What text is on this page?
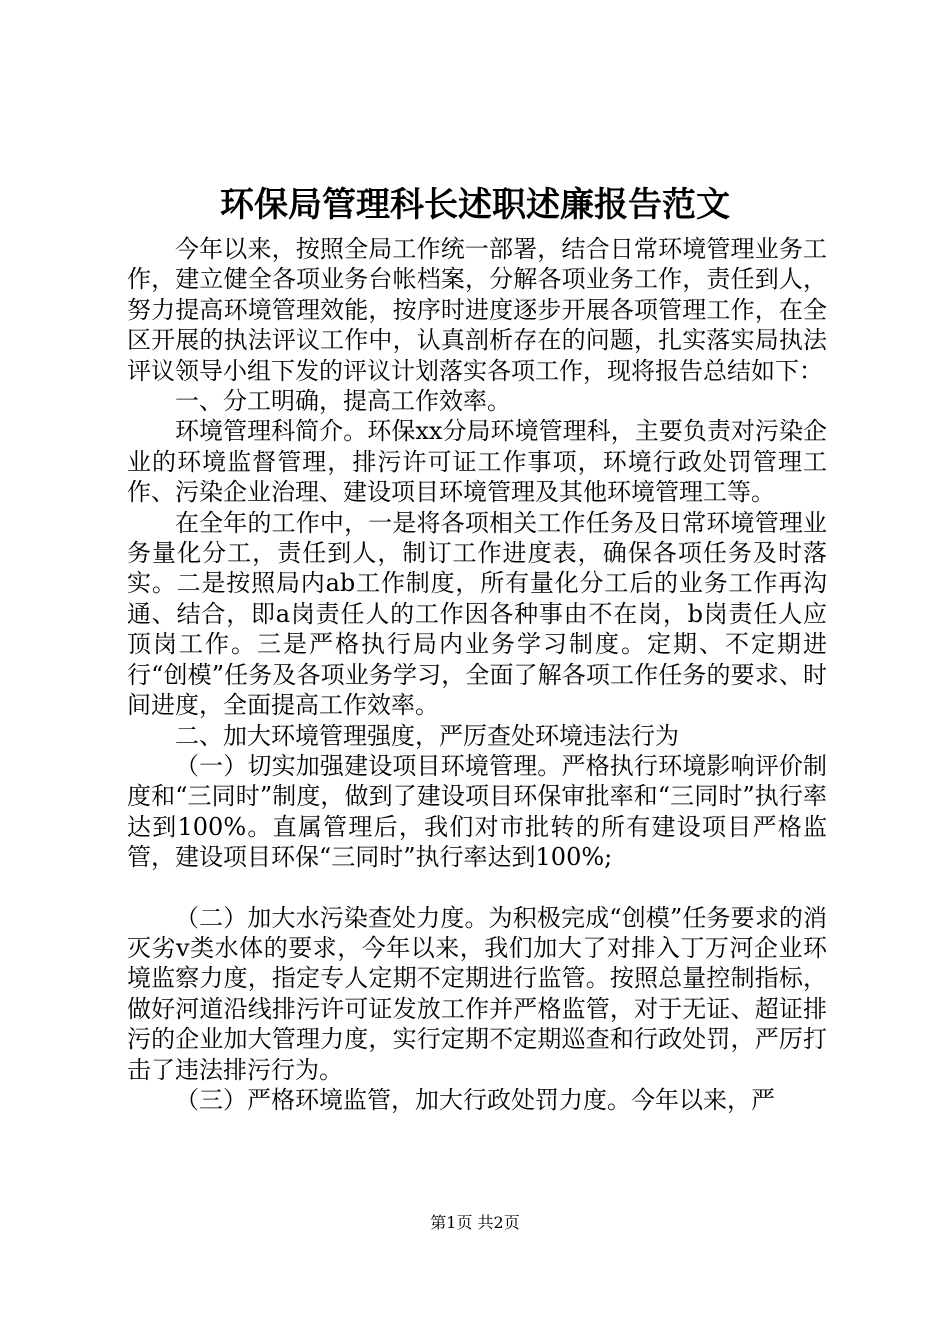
环保局管理科长述职述廉报告范文

今年以来，按照全局工作统一部署，结合日常环境管理业务工作，建立健全各项业务台帐档案，分解各项业务工作，责任到人，努力提高环境管理效能，按序时进度逐步开展各项管理工作，在全区开展的执法评议工作中，认真剖析存在的问题，扎实落实局执法评议领导小组下发的评议计划落实各项工作，现将报告总结如下：

一、分工明确，提高工作效率。

环境管理科简介。环保xx分局环境管理科，主要负责对污染企业的环境监督管理，排污许可证工作事项，环境行政处罚管理工作、污染企业治理、建设项目环境管理及其他环境管理工等。

在全年的工作中，一是将各项相关工作任务及日常环境管理业务量化分工，责任到人，制订工作进度表，确保各项任务及时落实。二是按照局内ab工作制度，所有量化分工后的业务工作再沟通、结合，即a岗责任人的工作因各种事由不在岗，b岗责任人应顶岗工作。三是严格执行局内业务学习制度。定期、不定期进行“创模”任务及各项业务学习，全面了解各项工作任务的要求、时间进度，全面提高工作效率。

二、加大环境管理强度，严厉查处环境违法行为

（一）切实加强建设项目环境管理。严格执行环境影响评价制度和“三同时”制度，做到了建设项目环保审批率和“三同时”执行率达到100%。直属管理后，我们对市批转的所有建设项目严格监管，建设项目环保“三同时”执行率达到100%;

（二）加大水污染查处力度。为积极完成“创模”任务要求的消灭劣v类水体的要求，今年以来，我们加大了对排入丁万河企业环境监察力度，指定专人定期不定期进行监管。按照总量控制指标，做好河道沿线排污许可证发放工作并严格监管，对于无证、超证排污的企业加大管理力度，实行定期不定期巡查和行政处罚，严厉打击了违法排污行为。

（三）严格环境监管，加大行政处罚力度。今年以来，严

第1页 共2页
